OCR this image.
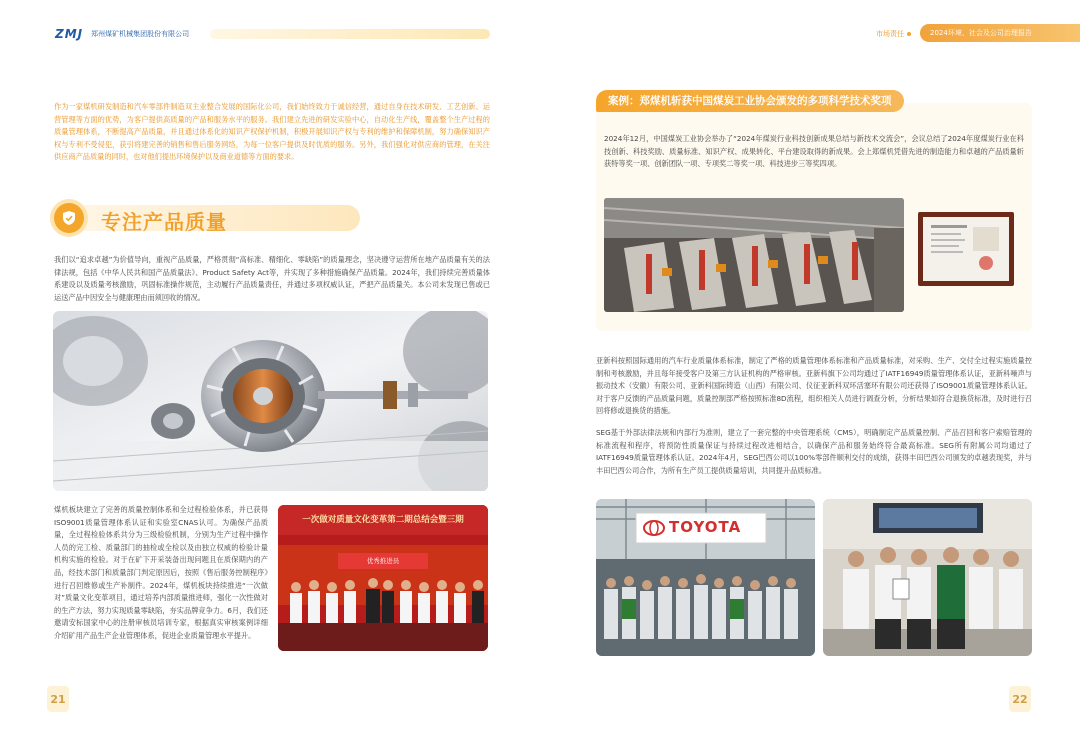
ZMJ 郑州煤矿机械集团股份有限公司

作为一家煤机研发制造和汽车零部件制造双主业整合发展的国际化公司，我们始终致力于诚信经营，通过自身在技术研发、工艺创新、运营管理等方面的优势，为客户提供高质量的产品和服务水平的服务。我们建立先进的研发实验中心，自动化生产线，覆盖整个生产过程的质量管理体系，不断提高产品质量，并且通过体系化的知识产权保护机制，积极开展知识产权与专利的维护和保障机制，努力确保知识产权与专利不受侵犯，获引将建完善的销售和售后服务网络，为每一位客户提供及时优质的服务。另外，我们强化对供应商的管理，在关注供应商产品质量的同时，也对他们提出环境保护以及商业道德等方面的要求。

专注产品质量

我们以“追求卓越”为价值导向，重视产品质量，严格贯彻“高标准、精细化、零缺陷”的质量理念，坚决遵守运营所在地产品质量有关的法律法规，包括《中华人民共和国产品质量法》、Product Safety Act等，并实现了多种措施确保产品质量。2024年，我们持续完善质量体系建设以及质量考核激励，巩固标准操作规范，主动履行产品质量责任，并通过多项权威认证，严把产品质量关。本公司未发现已售或已运送产品中因安全与健康理由而须回收的情况。

煤机板块建立了完善的质量控制体系和全过程检验体系，并已获得ISO9001质量管理体系认证和实验室CNAS认可。为确保产品质量，全过程检验体系共分为三级检验机制，分别为生产过程中操作人员的完工检、质量部门的抽检或全检以及由独立权威的检验计量机构实施的检验。对于在矿下开采装备出现问题且在质保期内的产品，经技术部门和质量部门判定原因后，按照《售后服务控制程序》进行召回维修或生产补制件。2024年，煤机板块持续推进“一次做对”质量文化变革项目，通过培养内部质量推进师，强化一次性做对的生产方法，努力实现质量零缺陷，夯实品牌竞争力。6月，我们还邀请安标国家中心的注册审核员培训专家，根据真实审核案例详细介绍矿用产品生产企业管理体系，促进企业质量管理水平提升。

一次做对质量文化变革第二期总结会暨三期
优秀推进员
21
市场责任	2024环境、社会及公司治理报告
案例：郑煤机斩获中国煤炭工业协会颁发的多项科学技术奖项

2024年12月，中国煤炭工业协会举办了“2024年煤炭行业科技创新成果总结与新技术交流会”，会议总结了2024年度煤炭行业在科技创新、科技奖励、质量标准、知识产权、成果转化、平台建设取得的新成果。会上郑煤机凭借先进的制造能力和卓越的产品质量斩获特等奖一项、创新团队一项、专项奖二等奖一项、科技进步三等奖四项。

亚新科按照国际通用的汽车行业质量体系标准，制定了严格的质量管理体系标准和产品质量标准，对采购、生产、交付全过程实施质量控制和考核激励，并且每年接受客户及第三方认证机构的严格审核。亚新科旗下公司均通过了IATF16949质量管理体系认证，亚新科噪声与振动技术（安徽）有限公司、亚新科国际铸造（山西）有限公司、仪征亚新科双环活塞环有限公司还获得了ISO9001质量管理体系认证。对于客户反馈的产品质量问题，质量控制部严格按照标准8D流程，组织相关人员进行调查分析，分析结果如符合退换货标准，及时进行召回将修或退换货的措施。

SEG基于外部法律法规和内部行为准则，建立了一套完整的中央管理系统（CMS），明确制定产品质量控制、产品召回和客户索赔管理的标准流程和程序，将预防性质量保证与持续过程改进相结合，以确保产品和服务始终符合最高标准。SEG所有附属公司均通过了IATF16949质量管理体系认证。2024年4月，SEG巴西公司以100%零部件顺利交付的成绩，获得丰田巴西公司颁发的卓越表现奖，并与丰田巴西公司合作，为所有生产员工提供质量培训，共同提升品质标准。

TOYOTA
22
